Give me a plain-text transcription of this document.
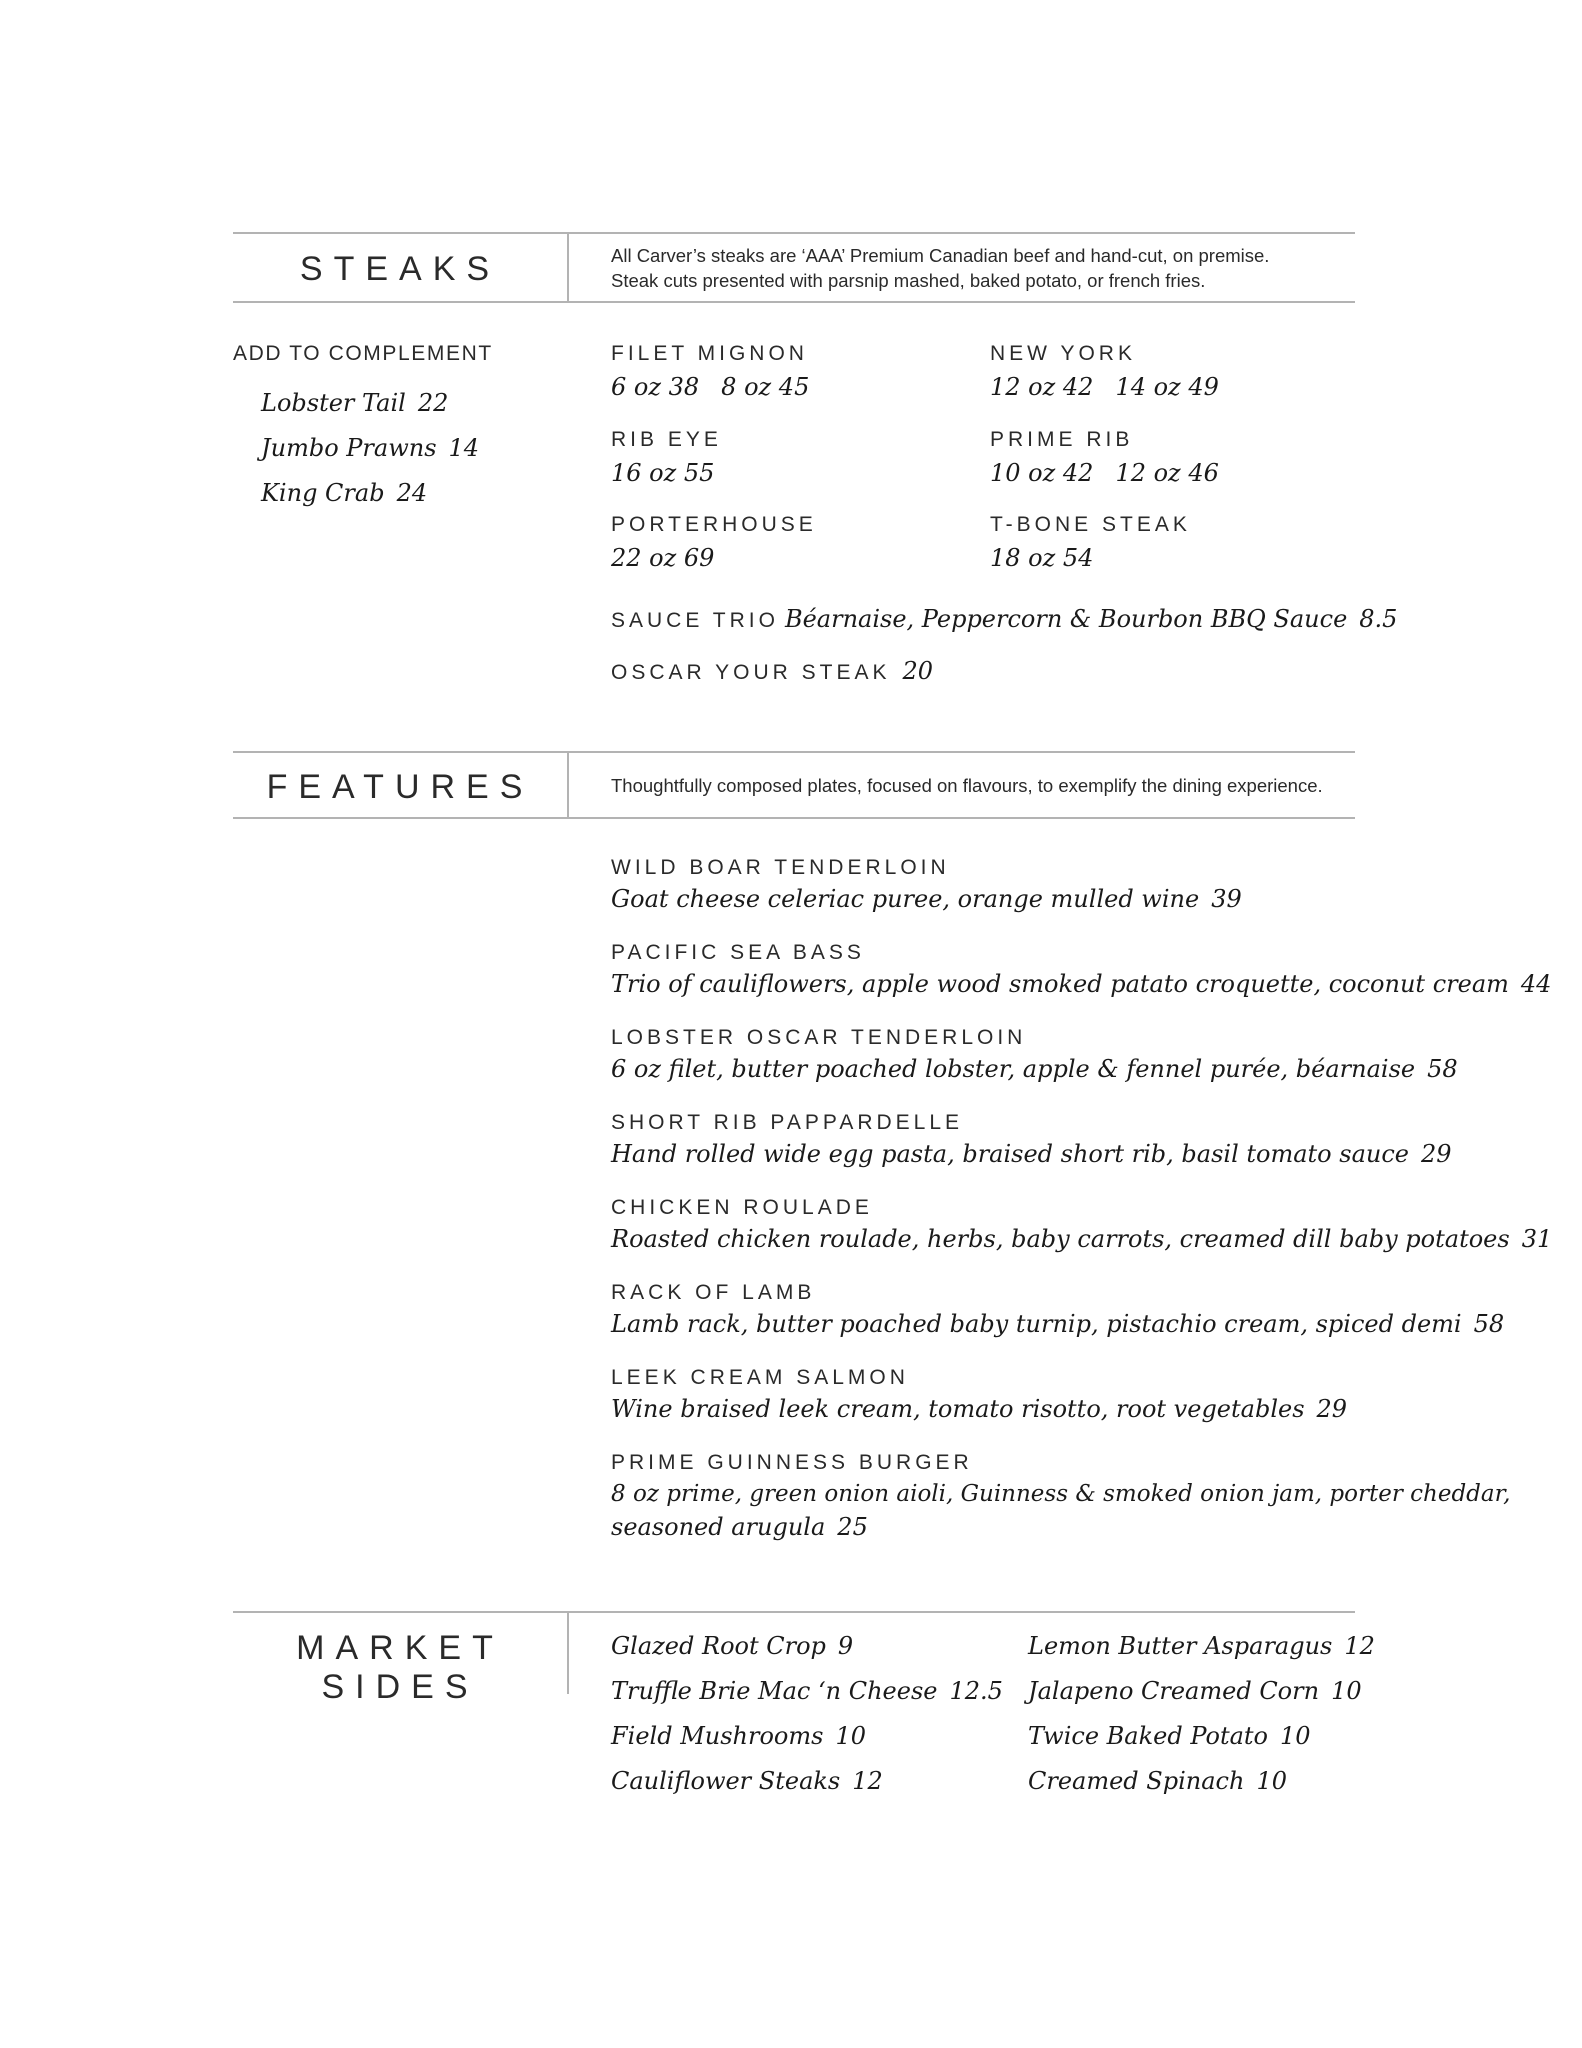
STEAKS	All Carver’s steaks are ‘AAA’ Premium Canadian beef and hand-cut, on premise.
Steak cuts presented with parsnip mashed, baked potato, or french fries.
ADD TO COMPLEMENT
Lobster Tail 22
Jumbo Prawns 14
King Crab 24
FILET MIGNON
6 oz 38 8 oz 45
NEW YORK
12 oz 42 14 oz 49
RIB EYE
16 oz 55
PRIME RIB
10 oz 42 12 oz 46
PORTERHOUSE
22 oz 69
T-BONE STEAK
18 oz 54
SAUCE TRIO Béarnaise, Peppercorn & Bourbon BBQ Sauce 8.5
OSCAR YOUR STEAK 20
FEATURES	Thoughtfully composed plates, focused on flavours, to exemplify the dining experience.
WILD BOAR TENDERLOIN
Goat cheese celeriac puree, orange mulled wine 39
PACIFIC SEA BASS
Trio of cauliflowers, apple wood smoked patato croquette, coconut cream 44
LOBSTER OSCAR TENDERLOIN
6 oz filet, butter poached lobster, apple & fennel purée, béarnaise 58
SHORT RIB PAPPARDELLE
Hand rolled wide egg pasta, braised short rib, basil tomato sauce 29
CHICKEN ROULADE
Roasted chicken roulade, herbs, baby carrots, creamed dill baby potatoes 31
RACK OF LAMB
Lamb rack, butter poached baby turnip, pistachio cream, spiced demi 58
LEEK CREAM SALMON
Wine braised leek cream, tomato risotto, root vegetables 29
PRIME GUINNESS BURGER
8 oz prime, green onion aioli, Guinness & smoked onion jam, porter cheddar,
seasoned arugula 25
MARKET
SIDES
Glazed Root Crop 9
Truffle Brie Mac ‘n Cheese 12.5
Field Mushrooms 10
Cauliflower Steaks 12
Lemon Butter Asparagus 12
Jalapeno Creamed Corn 10
Twice Baked Potato 10
Creamed Spinach 10
